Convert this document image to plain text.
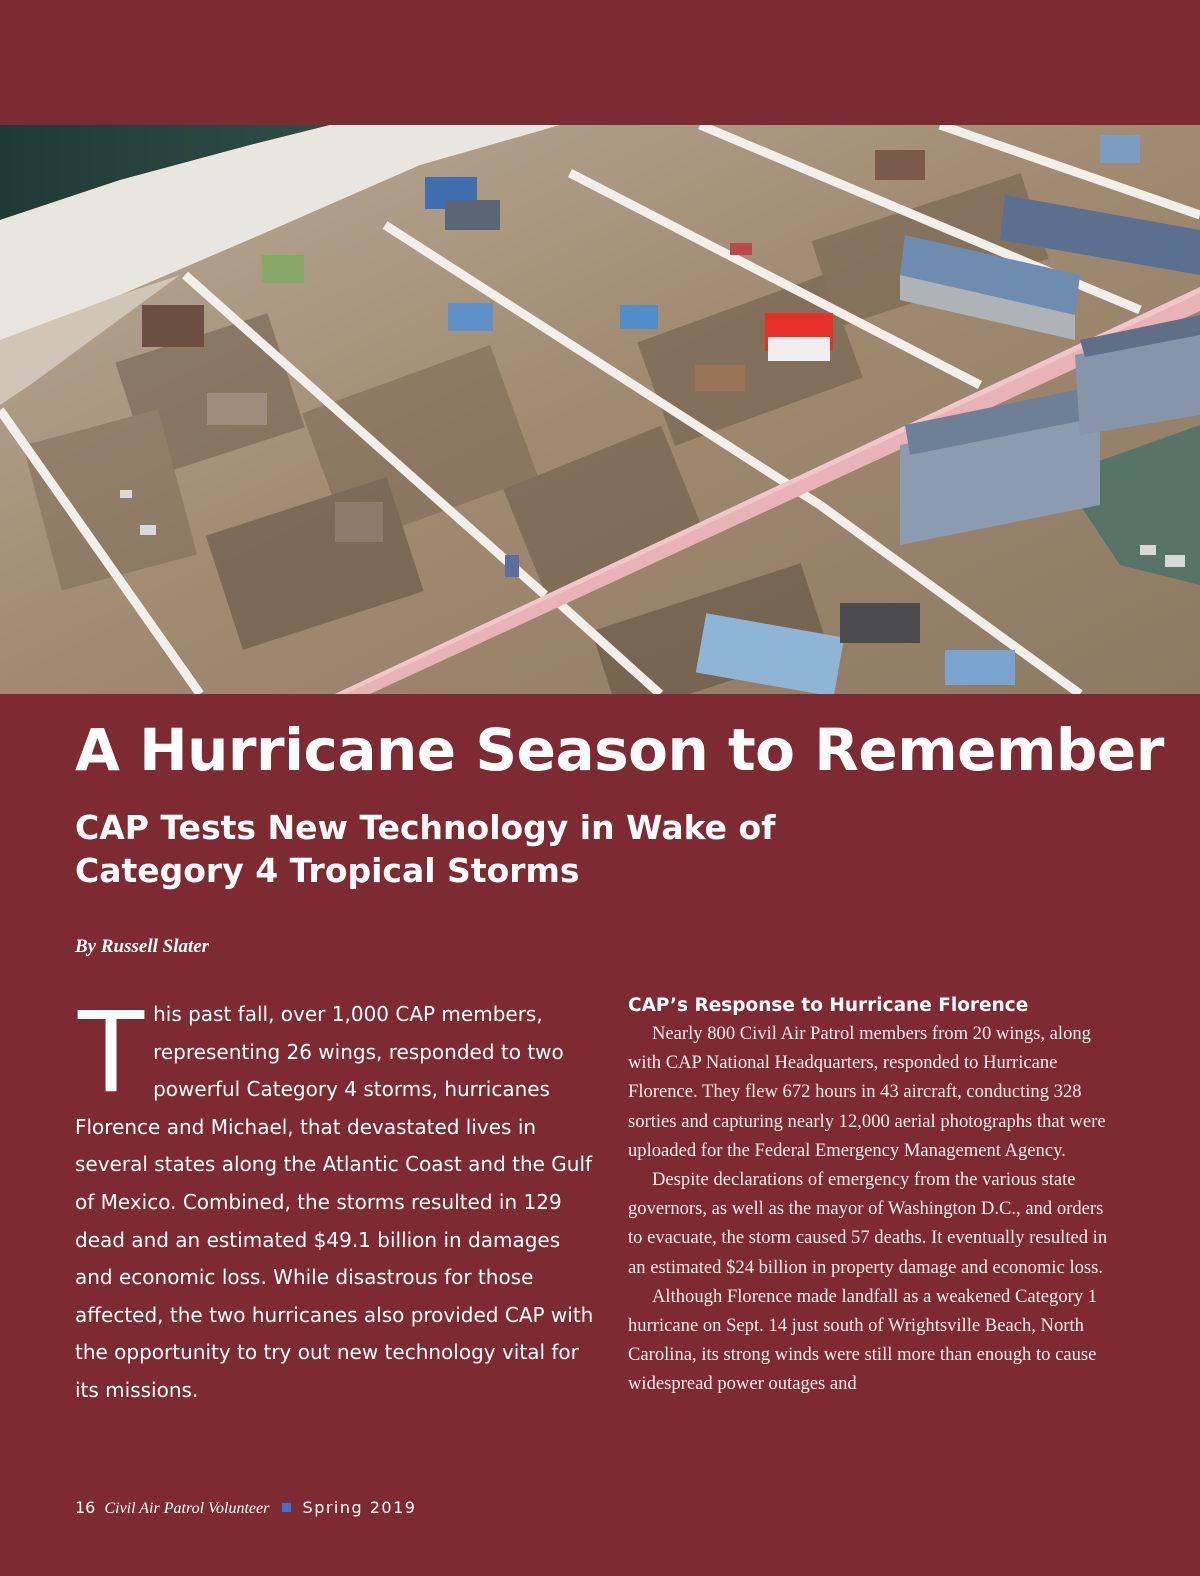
A Hurricane Season to Remember
CAP Tests New Technology in Wake of Category 4 Tropical Storms

By Russell Slater

This past fall, over 1,000 CAP members, representing 26 wings, responded to two powerful Category 4 storms, hurricanes Florence and Michael, that devastated lives in several states along the Atlantic Coast and the Gulf of Mexico. Combined, the storms resulted in 129 dead and an estimated $49.1 billion in damages and economic loss. While disastrous for those affected, the two hurricanes also provided CAP with the opportunity to try out new technology vital for its missions.

CAP’s Response to Hurricane Florence

Nearly 800 Civil Air Patrol members from 20 wings, along with CAP National Headquarters, responded to Hurricane Florence. They flew 672 hours in 43 aircraft, conducting 328 sorties and capturing nearly 12,000 aerial photographs that were uploaded for the Federal Emergency Management Agency.

Despite declarations of emergency from the various state governors, as well as the mayor of Washington D.C., and orders to evacuate, the storm caused 57 deaths. It eventually resulted in an estimated $24 billion in property damage and economic loss.

Although Florence made landfall as a weakened Category 1 hurricane on Sept. 14 just south of Wrightsville Beach, North Carolina, its strong winds were still more than enough to cause widespread power outages and

16 Civil Air Patrol Volunteer Spring 2019
